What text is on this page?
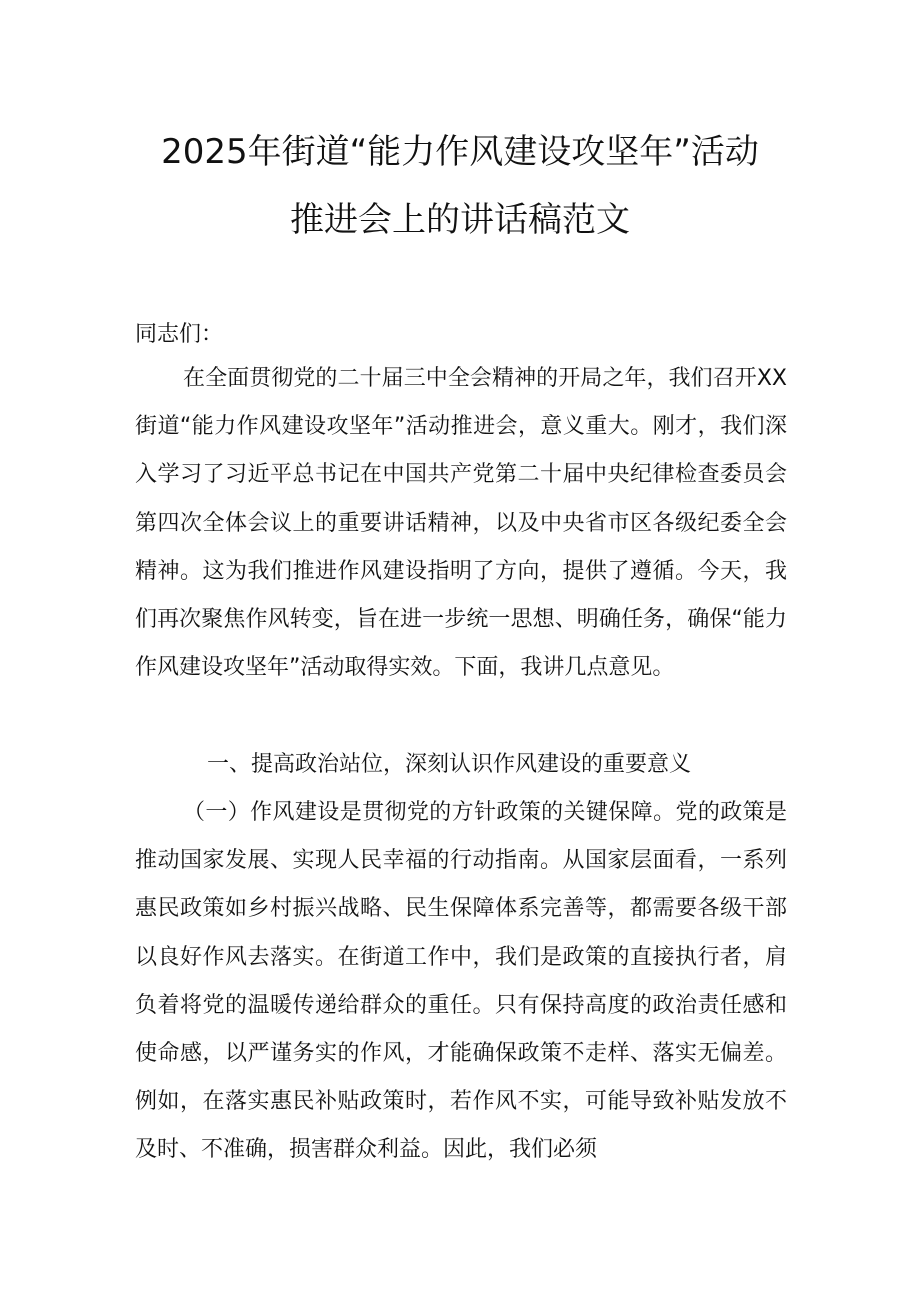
2025年街道“能力作风建设攻坚年”活动
推进会上的讲话稿范文
同志们：
在全面贯彻党的二十届三中全会精神的开局之年，我们召开XX街道“能力作风建设攻坚年”活动推进会，意义重大。刚才，我们深入学习了习近平总书记在中国共产党第二十届中央纪律检查委员会第四次全体会议上的重要讲话精神，以及中央省市区各级纪委全会精神。这为我们推进作风建设指明了方向，提供了遵循。今天，我们再次聚焦作风转变，旨在进一步统一思想、明确任务，确保“能力作风建设攻坚年”活动取得实效。下面，我讲几点意见。
一、提高政治站位，深刻认识作风建设的重要意义
（一）作风建设是贯彻党的方针政策的关键保障。党的政策是推动国家发展、实现人民幸福的行动指南。从国家层面看，一系列惠民政策如乡村振兴战略、民生保障体系完善等，都需要各级干部以良好作风去落实。在街道工作中，我们是政策的直接执行者，肩负着将党的温暖传递给群众的重任。只有保持高度的政治责任感和使命感，以严谨务实的作风，才能确保政策不走样、落实无偏差。例如，在落实惠民补贴政策时，若作风不实，可能导致补贴发放不及时、不准确，损害群众利益。因此，我们必须
